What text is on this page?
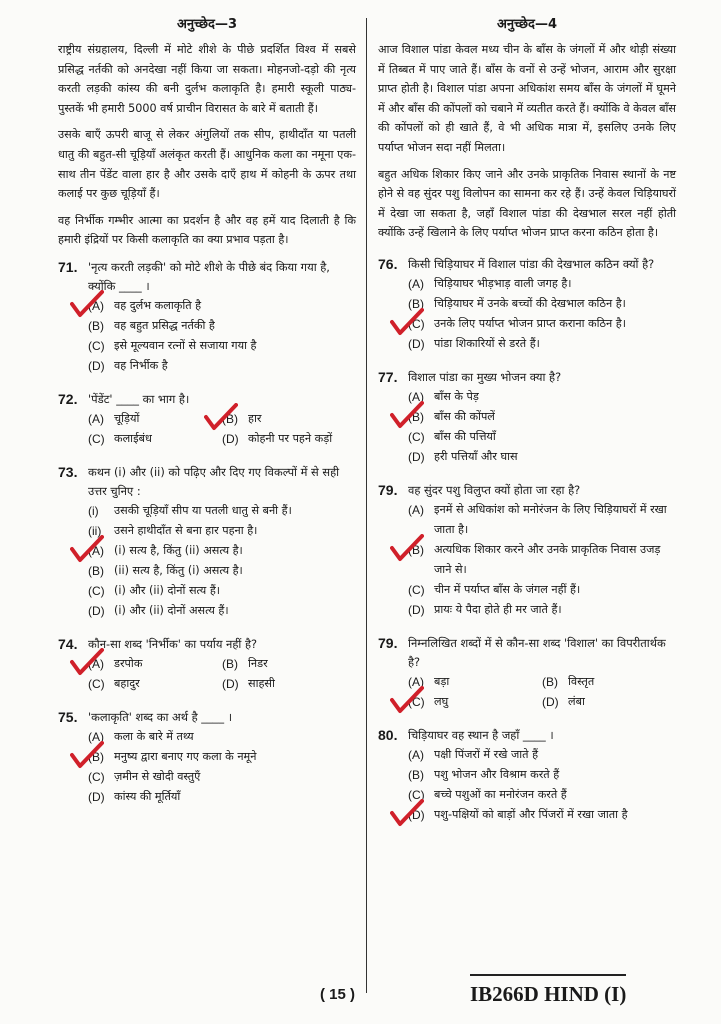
अनुच्छेद—3

राष्ट्रीय संग्रहालय, दिल्ली में मोटे शीशे के पीछे प्रदर्शित विश्व में सबसे प्रसिद्ध नर्तकी को अनदेखा नहीं किया जा सकता। मोहनजो-दड़ो की नृत्य करती लड़की कांस्य की बनी दुर्लभ कलाकृति है। हमारी स्कूली पाठ्य-पुस्तकें भी हमारी 5000 वर्ष प्राचीन विरासत के बारे में बताती हैं।

उसके बाएँ ऊपरी बाजू से लेकर अंगुलियों तक सीप, हाथीदाँत या पतली धातु की बहुत-सी चूड़ियाँ अलंकृत करती हैं। आधुनिक कला का नमूना एक-साथ तीन पेंडेंट वाला हार है और उसके दाएँ हाथ में कोहनी के ऊपर तथा कलाई पर कुछ चूड़ियाँ हैं।

वह निर्भीक गम्भीर आत्मा का प्रदर्शन है और वह हमें याद दिलाती है कि हमारी इंद्रियों पर किसी कलाकृति का क्या प्रभाव पड़ता है।

71. 'नृत्य करती लड़की' को मोटे शीशे के पीछे बंद किया गया है, क्योंकि ____ ।
(A) वह दुर्लभ कलाकृति है
(B) वह बहुत प्रसिद्ध नर्तकी है
(C) इसे मूल्यवान रत्नों से सजाया गया है
(D) वह निर्भीक है
72. 'पेंडेंट' ____ का भाग है।
(A) चूड़ियों	(B) हार
(C) कलाईबंध	(D) कोहनी पर पहने कड़ों
73. कथन (i) और (ii) को पढ़िए और दिए गए विकल्पों में से सही उत्तर चुनिए :
(i)	उसकी चूड़ियाँ सीप या पतली धातु से बनी हैं।
(ii)	उसने हाथीदाँत से बना हार पहना है।
(A) (i) सत्य है, किंतु (ii) असत्य है।
(B) (ii) सत्य है, किंतु (i) असत्य है।
(C) (i) और (ii) दोनों सत्य हैं।
(D) (i) और (ii) दोनों असत्य हैं।
74. कौन-सा शब्द 'निर्भीक' का पर्याय नहीं है?
(A) डरपोक	(B) निडर
(C) बहादुर	(D) साहसी
75. 'कलाकृति' शब्द का अर्थ है ____ ।
(A) कला के बारे में तथ्य
(B) मनुष्य द्वारा बनाए गए कला के नमूने
(C) ज़मीन से खोदी वस्तुएँ
(D) कांस्य की मूर्तियाँ
अनुच्छेद—4

आज विशाल पांडा केवल मध्य चीन के बाँस के जंगलों में और थोड़ी संख्या में तिब्बत में पाए जाते हैं। बाँस के वनों से उन्हें भोजन, आराम और सुरक्षा प्राप्त होती है। विशाल पांडा अपना अधिकांश समय बाँस के जंगलों में घूमने में और बाँस की कोंपलों को चबाने में व्यतीत करते हैं। क्योंकि वे केवल बाँस की कोंपलों को ही खाते हैं, वे भी अधिक मात्रा में, इसलिए उनके लिए पर्याप्त भोजन सदा नहीं मिलता।

बहुत अधिक शिकार किए जाने और उनके प्राकृतिक निवास स्थानों के नष्ट होने से वह सुंदर पशु विलोपन का सामना कर रहे हैं। उन्हें केवल चिड़ियाघरों में देखा जा सकता है, जहाँ विशाल पांडा की देखभाल सरल नहीं होती क्योंकि उन्हें खिलाने के लिए पर्याप्त भोजन प्राप्त करना कठिन होता है।

76. किसी चिड़ियाघर में विशाल पांडा की देखभाल कठिन क्यों है?
(A) चिड़ियाघर भीड़भाड़ वाली जगह है।
(B) चिड़ियाघर में उनके बच्चों की देखभाल कठिन है।
(C) उनके लिए पर्याप्त भोजन प्राप्त कराना कठिन है।
(D) पांडा शिकारियों से डरते हैं।
77. विशाल पांडा का मुख्य भोजन क्या है?
(A) बाँस के पेड़
(B) बाँस की कोंपलें
(C) बाँस की पत्तियाँ
(D) हरी पत्तियाँ और घास
79. वह सुंदर पशु विलुप्त क्यों होता जा रहा है?
(A) इनमें से अधिकांश को मनोरंजन के लिए चिड़ियाघरों में रखा जाता है।
(B) अत्यधिक शिकार करने और उनके प्राकृतिक निवास उजड़ जाने से।
(C) चीन में पर्याप्त बाँस के जंगल नहीं हैं।
(D) प्रायः ये पैदा होते ही मर जाते हैं।
79. निम्नलिखित शब्दों में से कौन-सा शब्द 'विशाल' का विपरीतार्थक है?
(A) बड़ा	(B) विस्तृत
(C) लघु	(D) लंबा
80. चिड़ियाघर वह स्थान है जहाँ ____ ।
(A) पक्षी पिंजरों में रखे जाते हैं
(B) पशु भोजन और विश्राम करते हैं
(C) बच्चे पशुओं का मनोरंजन करते हैं
(D) पशु-पक्षियों को बाड़ों और पिंजरों में रखा जाता है
( 15 )	IB266D HIND (I)
